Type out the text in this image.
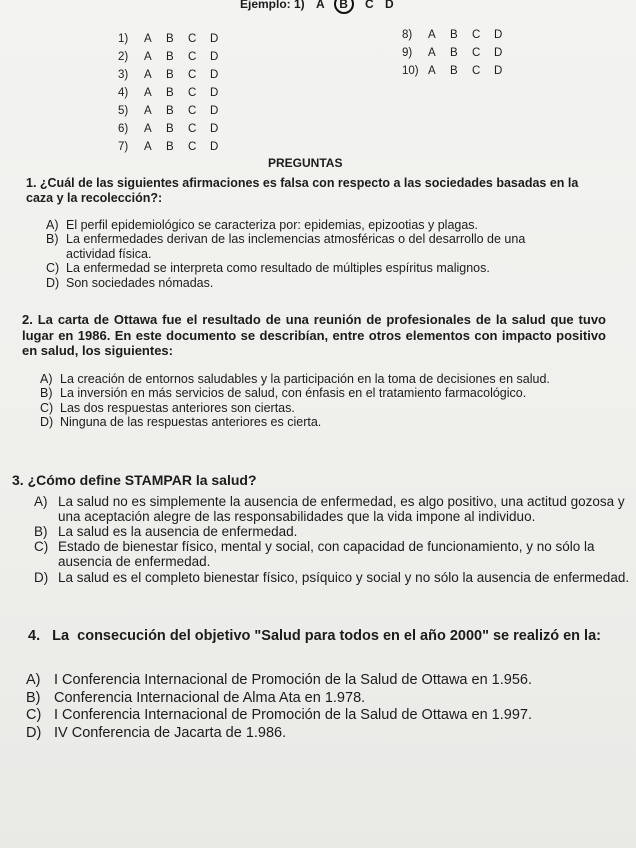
Ejemplo: 1) A B C D
1)	A	B	C	D
2)	A	B	C	D
3)	A	B	C	D
4)	A	B	C	D
5)	A	B	C	D
6)	A	B	C	D
7)	A	B	C	D
8)	A	B	C	D
9)	A	B	C	D
10) A	B	C	D
PREGUNTAS
1. ¿Cuál de las siguientes afirmaciones es falsa con respecto a las sociedades basadas en la caza y la recolección?:
A) El perfil epidemiológico se caracteriza por: epidemias, epizootias y plagas.
B) La enfermedades derivan de las inclemencias atmosféricas o del desarrollo de una actividad física.
C) La enfermedad se interpreta como resultado de múltiples espíritus malignos.
D) Son sociedades nómadas.
2. La carta de Ottawa fue el resultado de una reunión de profesionales de la salud que tuvo lugar en 1986. En este documento se describían, entre otros elementos con impacto positivo en salud, los siguientes:
A) La creación de entornos saludables y la participación en la toma de decisiones en salud.
B) La inversión en más servicios de salud, con énfasis en el tratamiento farmacológico.
C) Las dos respuestas anteriores son ciertas.
D) Ninguna de las respuestas anteriores es cierta.
3. ¿Cómo define STAMPAR la salud?
A) La salud no es simplemente la ausencia de enfermedad, es algo positivo, una actitud gozosa y una aceptación alegre de las responsabilidades que la vida impone al individuo.
B) La salud es la ausencia de enfermedad.
C) Estado de bienestar físico, mental y social, con capacidad de funcionamiento, y no sólo la ausencia de enfermedad.
D) La salud es el completo bienestar físico, psíquico y social y no sólo la ausencia de enfermedad.
4.   La  consecución del objetivo "Salud para todos en el año 2000" se realizó en la:
A) I Conferencia Internacional de Promoción de la Salud de Ottawa en 1.956.
B) Conferencia Internacional de Alma Ata en 1.978.
C) I Conferencia Internacional de Promoción de la Salud de Ottawa en 1.997.
D) IV Conferencia de Jacarta de 1.986.
